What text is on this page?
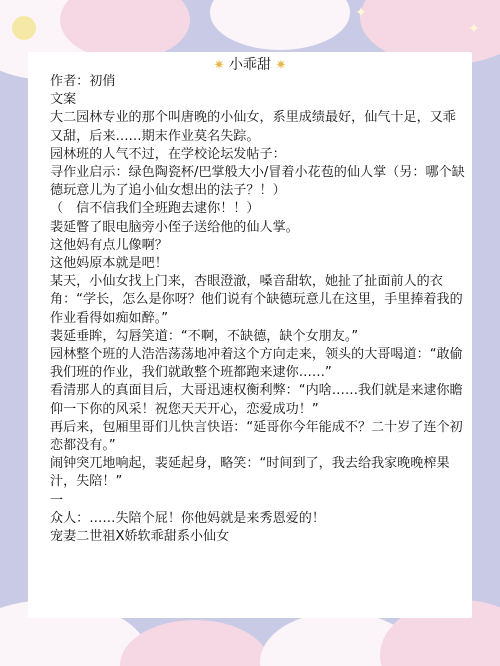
✦
✦
✷ 小乖甜 ✷

作者：初俏

文案

大二园林专业的那个叫唐晚的小仙女，系里成绩最好，仙气十足，又乖又甜，后来……期末作业莫名失踪。

园林班的人气不过，在学校论坛发帖子：

寻作业启示：绿色陶瓷杯/巴掌般大小/冒着小花苞的仙人掌（另：哪个缺德玩意儿为了追小仙女想出的法子？！）

（　信不信我们全班跑去逮你！！）

裴延瞥了眼电脑旁小侄子送给他的仙人掌。

这他妈有点儿像啊？

这他妈原本就是吧！

某天，小仙女找上门来，杏眼澄澈，嗓音甜软，她扯了扯面前人的衣角：“学长，怎么是你呀？他们说有个缺德玩意儿在这里，手里捧着我的作业看得如痴如醉。”

裴延垂眸，勾唇笑道：“不啊，不缺德，缺个女朋友。”

园林整个班的人浩浩荡荡地冲着这个方向走来，领头的大哥喝道：“敢偷我们班的作业，我们就敢整个班都跑来逮你……”

看清那人的真面目后，大哥迅速权衡利弊：“内啥……我们就是来逮你瞻仰一下你的风采！祝您天天开心，恋爱成功！”

再后来，包厢里哥们儿快言快语：“延哥你今年能成不？二十岁了连个初恋都没有。”

闹钟突兀地响起，裴延起身，略笑：“时间到了，我去给我家晚晚榨果汁，失陪！”

一

众人：……失陪个屁！你他妈就是来秀恩爱的！

宠妻二世祖X娇软乖甜系小仙女
